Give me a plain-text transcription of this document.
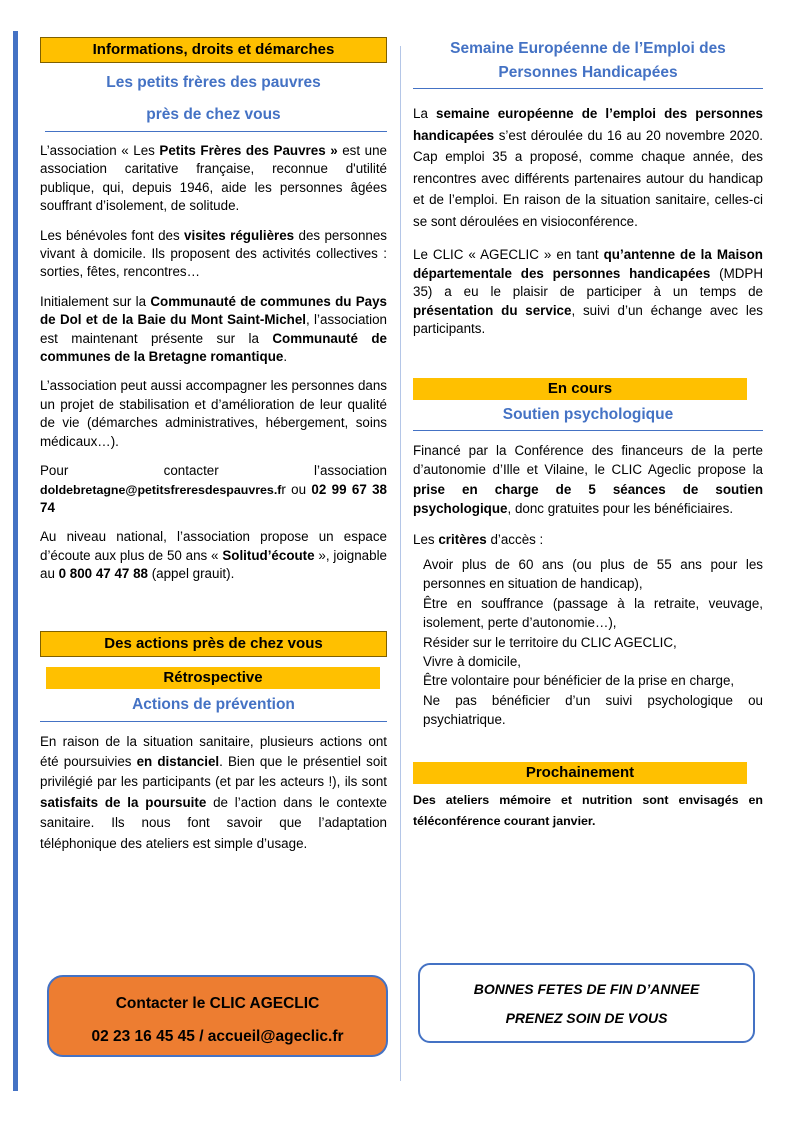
Informations, droits et démarches
Les petits frères des pauvres
près de chez vous

L’association « Les Petits Frères des Pauvres » est une association caritative française, reconnue d'utilité publique, qui, depuis 1946, aide les personnes âgées souffrant d’isolement, de solitude.

Les bénévoles font des visites régulières des personnes vivant à domicile. Ils proposent des activités collectives : sorties, fêtes, rencontres…

Initialement sur la Communauté de communes du Pays de Dol et de la Baie du Mont Saint-Michel, l’association est maintenant présente sur la Communauté de communes de la Bretagne romantique.

L’association peut aussi accompagner les personnes dans un projet de stabilisation et d’amélioration de leur qualité de vie (démarches administratives, hébergement, soins médicaux…).

Pour contacter l’association doldebretagne@petitsfreresdespauvres.fr ou 02 99 67 38 74

Au niveau national, l’association propose un espace d’écoute aux plus de 50 ans « Solitud’écoute », joignable au 0 800 47 47 88 (appel grauit).

Des actions près de chez vous
Rétrospective
Actions de prévention

En raison de la situation sanitaire, plusieurs actions ont été poursuivies en distanciel. Bien que le présentiel soit privilégié par les participants (et par les acteurs !), ils sont satisfaits de la poursuite de l’action dans le contexte sanitaire. Ils nous font savoir que l’adaptation téléphonique des ateliers est simple d’usage.

Contacter le CLIC AGECLIC
02 23 16 45 45 / accueil@ageclic.fr
Semaine Européenne de l’Emploi des
Personnes Handicapées

La semaine européenne de l’emploi des personnes handicapées s’est déroulée du 16 au 20 novembre 2020. Cap emploi 35 a proposé, comme chaque année, des rencontres avec différents partenaires autour du handicap et de l’emploi. En raison de la situation sanitaire, celles-ci se sont déroulées en visioconférence.

Le CLIC « AGECLIC » en tant qu’antenne de la Maison départementale des personnes handicapées (MDPH 35) a eu le plaisir de participer à un temps de présentation du service, suivi d’un échange avec les participants.

En cours
Soutien psychologique

Financé par la Conférence des financeurs de la perte d’autonomie d’Ille et Vilaine, le CLIC Ageclic propose la prise en charge de 5 séances de soutien psychologique, donc gratuites pour les bénéficiaires.

Les critères d’accès :

Avoir plus de 60 ans (ou plus de 55 ans pour les personnes en situation de handicap),
Être en souffrance (passage à la retraite, veuvage, isolement, perte d’autonomie…),
Résider sur le territoire du CLIC AGECLIC,
Vivre à domicile,
Être volontaire pour bénéficier de la prise en charge,
Ne pas bénéficier d’un suivi psychologique ou psychiatrique.
Prochainement
Des ateliers mémoire et nutrition sont envisagés en téléconférence courant janvier.
BONNES FETES DE FIN D’ANNEE
PRENEZ SOIN DE VOUS
